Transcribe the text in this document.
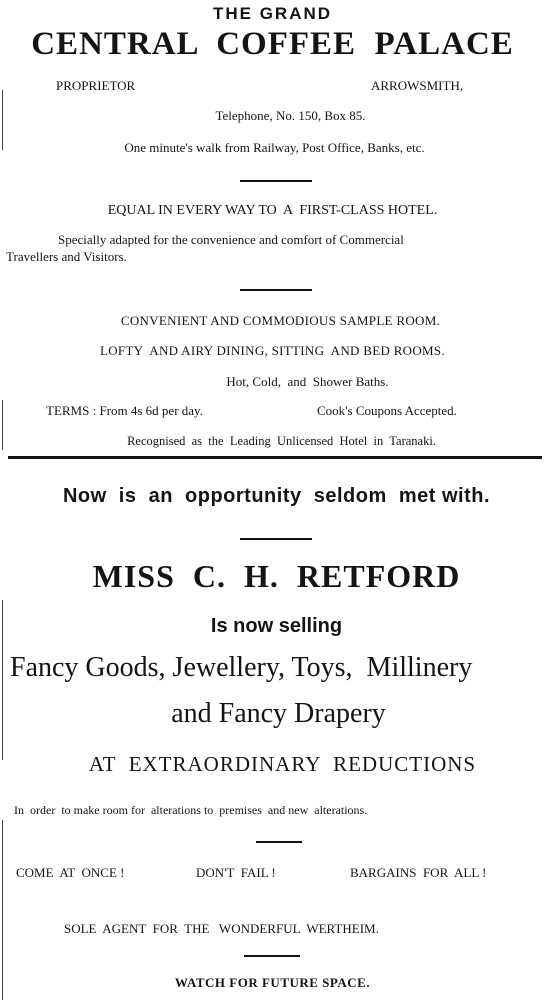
THE GRAND
CENTRAL  COFFEE  PALACE
PROPRIETOR	ARROWSMITH,
Telephone, No. 150, Box 85.
One minute's walk from Railway, Post Office, Banks, etc.
EQUAL IN EVERY WAY TO  A  FIRST-CLASS HOTEL.
Specially adapted for the convenience and comfort of Commercial
Travellers and Visitors.
CONVENIENT AND COMMODIOUS SAMPLE ROOM.
LOFTY  AND AIRY DINING, SITTING  AND BED ROOMS.
Hot, Cold,  and  Shower Baths.
TERMS : From 4s 6d per day.	Cook's Coupons Accepted.
Recognised  as  the  Leading  Unlicensed  Hotel  in  Taranaki.
Now  is  an  opportunity  seldom  met with.
MISS  C.  H.  RETFORD
Is now selling
Fancy Goods, Jewellery, Toys,  Millinery
and Fancy Drapery
AT  EXTRAORDINARY  REDUCTIONS
In  order  to make room for  alterations to  premises  and new  alterations.
COME  AT  ONCE !	DON'T  FAIL !	BARGAINS  FOR  ALL !
SOLE  AGENT  FOR  THE   WONDERFUL  WERTHEIM.
WATCH FOR FUTURE SPACE.
